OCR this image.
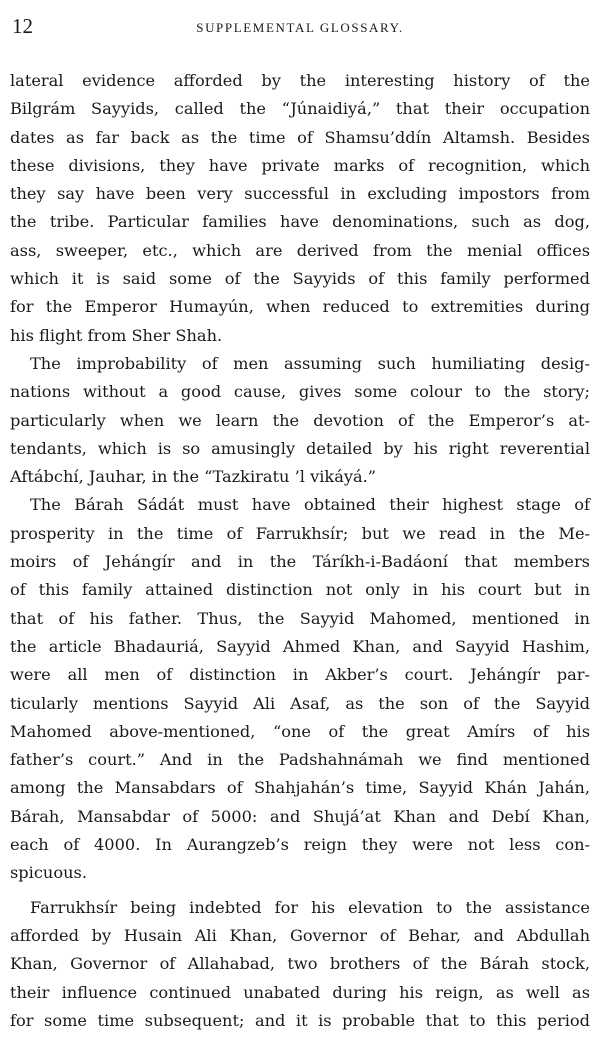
12	SUPPLEMENTAL GLOSSARY.

lateral evidence afforded by the interesting history of the
Bilgrám Sayyids, called the “Júnaidiyá,” that their occupation
dates as far back as the time of Shamsu’ddín Altamsh. Besides
these divisions, they have private marks of recognition, which
they say have been very successful in excluding impostors from
the tribe. Particular families have denominations, such as dog,
ass, sweeper, etc., which are derived from the menial offices
which it is said some of the Sayyids of this family performed
for the Emperor Humayún, when reduced to extremities during
his flight from Sher Shah.

The improbability of men assuming such humiliating desig-
nations without a good cause, gives some colour to the story;
particularly when we learn the devotion of the Emperor’s at-
tendants, which is so amusingly detailed by his right reverential
Aftábchí, Jauhar, in the “Tazkiratu ’l vikáyá.”

The Bárah Sádát must have obtained their highest stage of
prosperity in the time of Farrukhsír; but we read in the Me-
moirs of Jehángír and in the Táríkh-i-Badáoní that members
of this family attained distinction not only in his court but in
that of his father. Thus, the Sayyid Mahomed, mentioned in
the article Bhadauriá, Sayyid Ahmed Khan, and Sayyid Hashim,
were all men of distinction in Akber’s court. Jehángír par-
ticularly mentions Sayyid Ali Asaf, as the son of the Sayyid
Mahomed above-mentioned, “one of the great Amírs of his
father’s court.” And in the Padshahnámah we find mentioned
among the Mansabdars of Shahjahán’s time, Sayyid Khán Jahán,
Bárah, Mansabdar of 5000: and Shujá’at Khan and Debí Khan,
each of 4000. In Aurangzeb’s reign they were not less con-
spicuous.

Farrukhsír being indebted for his elevation to the assistance
afforded by Husain Ali Khan, Governor of Behar, and Abdullah
Khan, Governor of Allahabad, two brothers of the Bárah stock,
their influence continued unabated during his reign, as well as
for some time subsequent; and it is probable that to this period
